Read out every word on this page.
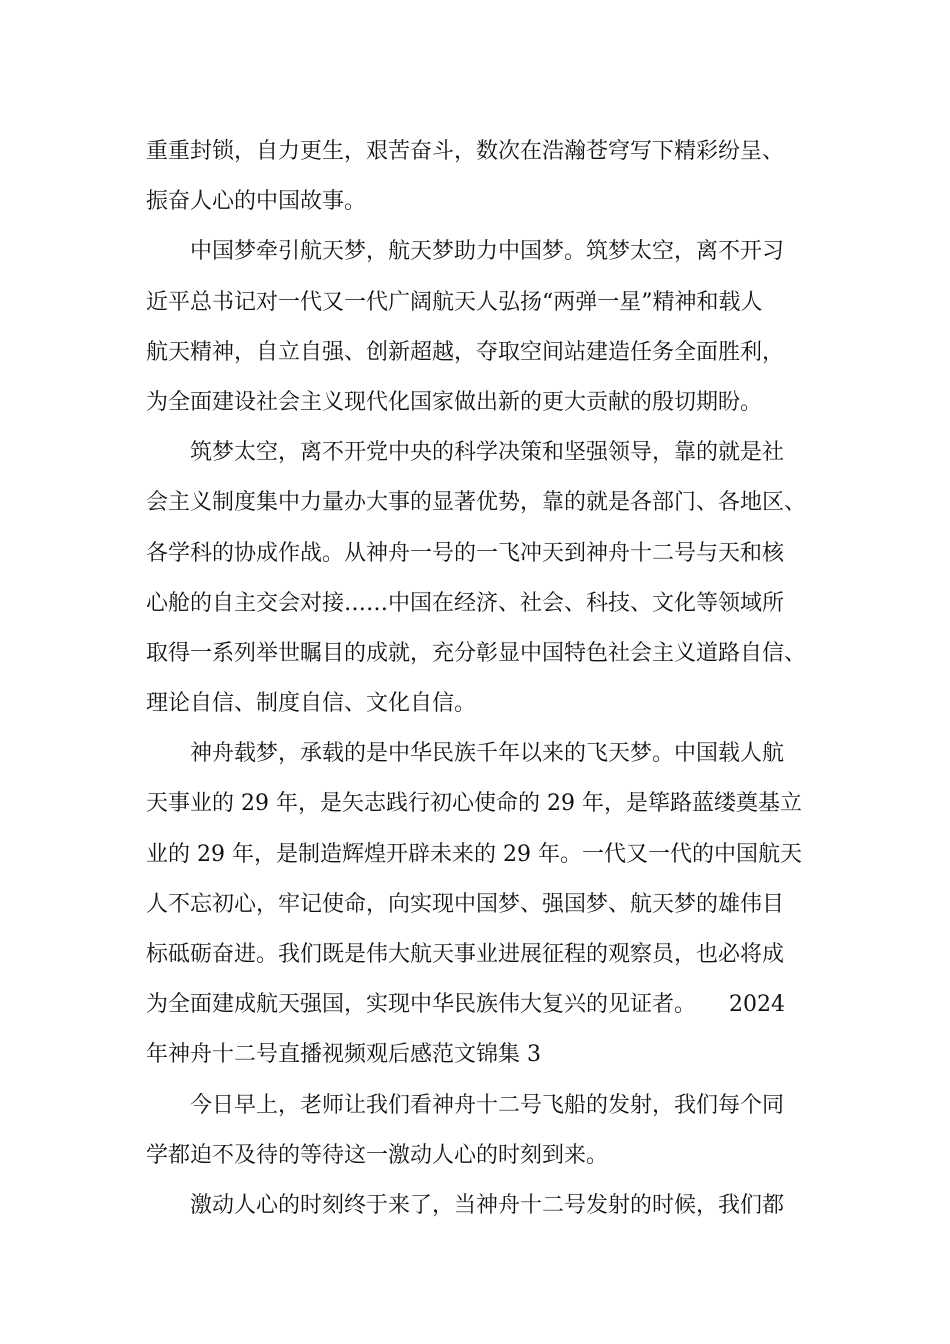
重重封锁，自力更生，艰苦奋斗，数次在浩瀚苍穹写下精彩纷呈、
振奋人心的中国故事。
　　中国梦牵引航天梦，航天梦助力中国梦。筑梦太空，离不开习
近平总书记对一代又一代广阔航天人弘扬“两弹一星”精神和载人
航天精神，自立自强、创新超越，夺取空间站建造任务全面胜利，
为全面建设社会主义现代化国家做出新的更大贡献的殷切期盼。
　　筑梦太空，离不开党中央的科学决策和坚强领导，靠的就是社
会主义制度集中力量办大事的显著优势，靠的就是各部门、各地区、
各学科的协成作战。从神舟一号的一飞冲天到神舟十二号与天和核
心舱的自主交会对接……中国在经济、社会、科技、文化等领域所
取得一系列举世瞩目的成就，充分彰显中国特色社会主义道路自信、
理论自信、制度自信、文化自信。
　　神舟载梦，承载的是中华民族千年以来的飞天梦。中国载人航
天事业的 29 年，是矢志践行初心使命的 29 年，是筚路蓝缕奠基立
业的 29 年，是制造辉煌开辟未来的 29 年。一代又一代的中国航天
人不忘初心，牢记使命，向实现中国梦、强国梦、航天梦的雄伟目
标砥砺奋进。我们既是伟大航天事业进展征程的观察员，也必将成
为全面建成航天强国，实现中华民族伟大复兴的见证者。　　2024
年神舟十二号直播视频观后感范文锦集 3
　　今日早上，老师让我们看神舟十二号飞船的发射，我们每个同
学都迫不及待的等待这一激动人心的时刻到来。
　　激动人心的时刻终于来了，当神舟十二号发射的时候，我们都
